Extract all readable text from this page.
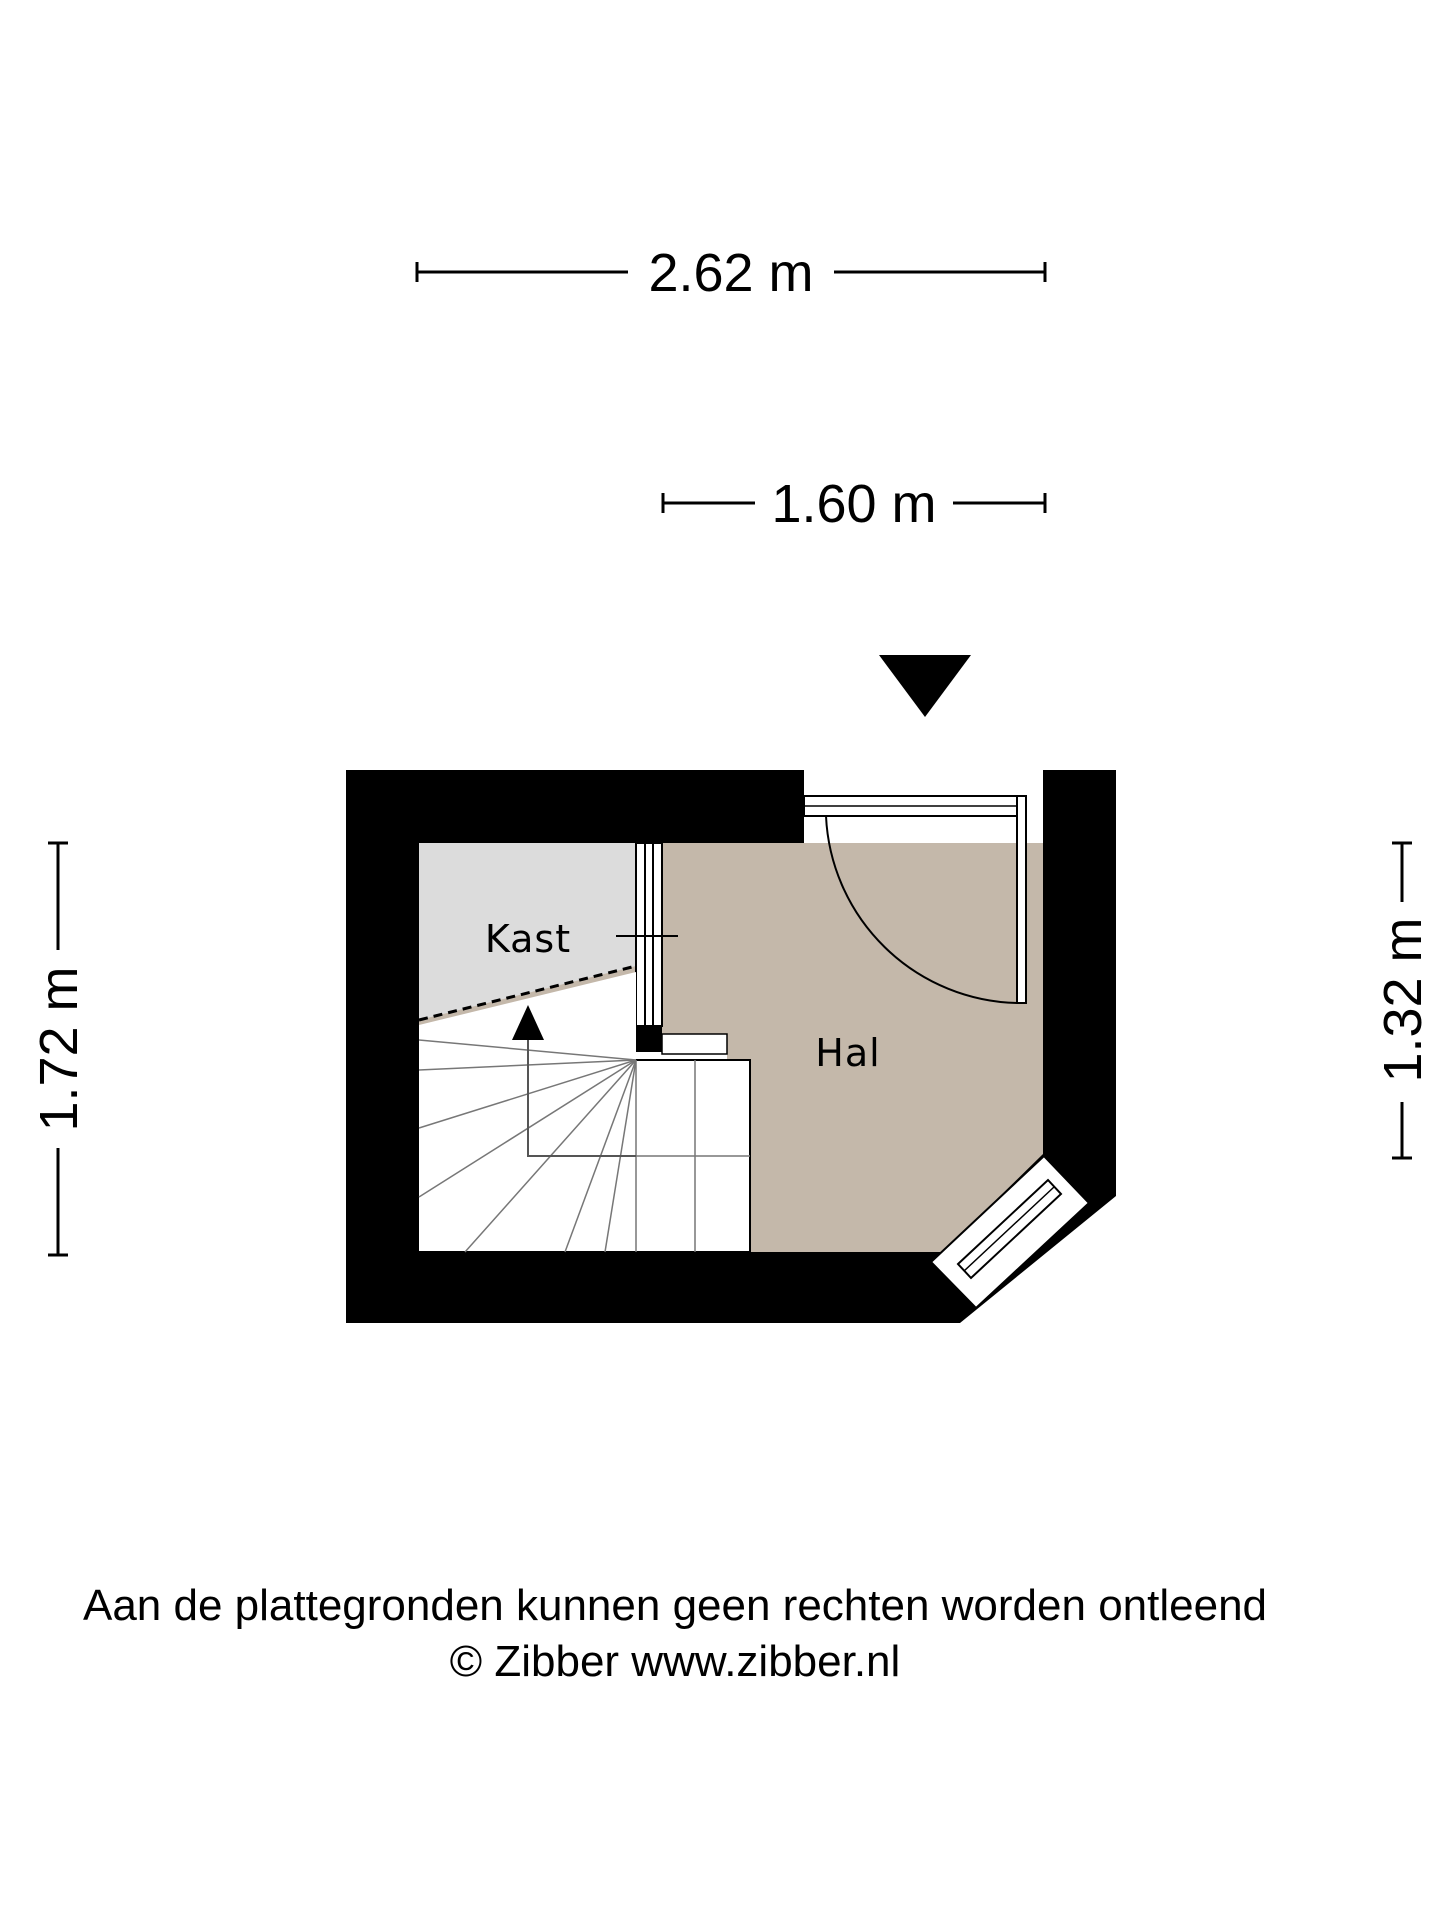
2.62 m
1.60 m
1.72 m	1.32 m
Kast
Hal
Aan de plattegronden kunnen geen rechten worden ontleend
© Zibber www.zibber.nl
